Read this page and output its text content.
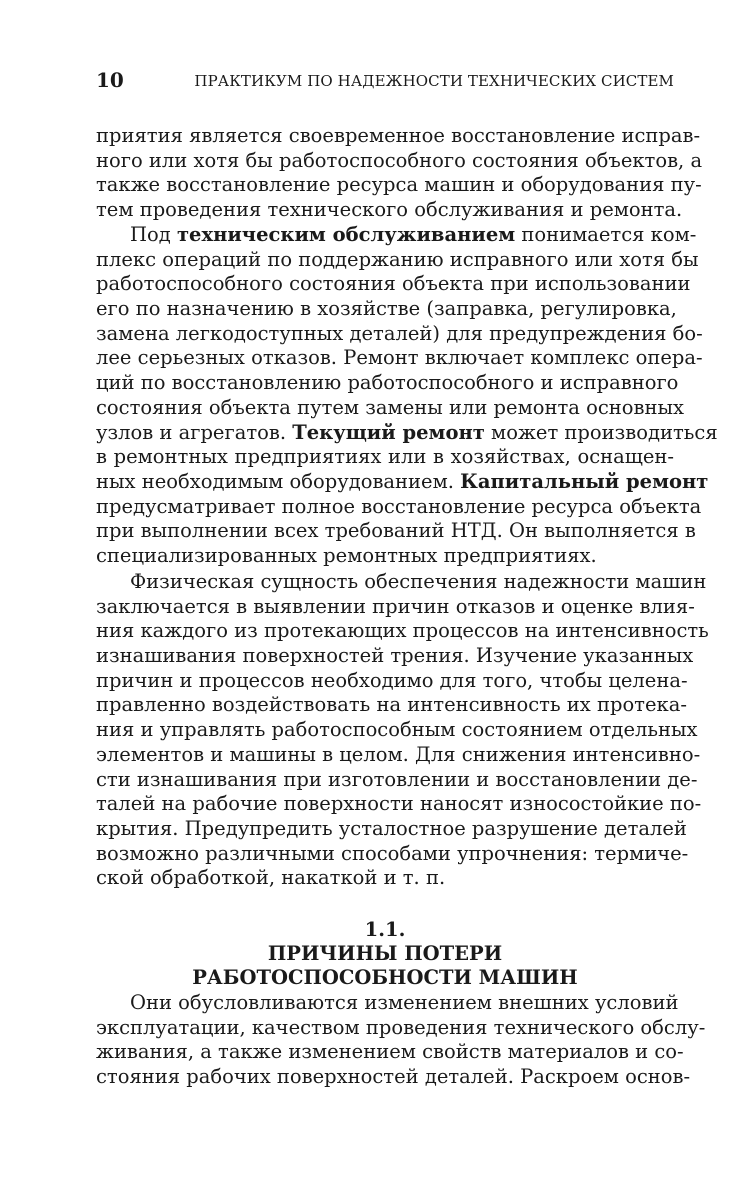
10	ПРАКТИКУМ ПО НАДЕЖНОСТИ ТЕХНИЧЕСКИХ СИСТЕМ
приятия является своевременное восстановление исправ-
ного или хотя бы работоспособного состояния объектов, а
также восстановление ресурса машин и оборудования пу-
тем проведения технического обслуживания и ремонта.
Под техническим обслуживанием понимается ком-
плекс операций по поддержанию исправного или хотя бы
работоспособного состояния объекта при использовании
его по назначению в хозяйстве (заправка, регулировка,
замена легкодоступных деталей) для предупреждения бо-
лее серьезных отказов. Ремонт включает комплекс опера-
ций по восстановлению работоспособного и исправного
состояния объекта путем замены или ремонта основных
узлов и агрегатов. Текущий ремонт может производиться
в ремонтных предприятиях или в хозяйствах, оснащен-
ных необходимым оборудованием. Капитальный ремонт
предусматривает полное восстановление ресурса объекта
при выполнении всех требований НТД. Он выполняется в
специализированных ремонтных предприятиях.
Физическая сущность обеспечения надежности машин
заключается в выявлении причин отказов и оценке влия-
ния каждого из протекающих процессов на интенсивность
изнашивания поверхностей трения. Изучение указанных
причин и процессов необходимо для того, чтобы целена-
правленно воздействовать на интенсивность их протека-
ния и управлять работоспособным состоянием отдельных
элементов и машины в целом. Для снижения интенсивно-
сти изнашивания при изготовлении и восстановлении де-
талей на рабочие поверхности наносят износостойкие по-
крытия. Предупредить усталостное разрушение деталей
возможно различными способами упрочнения: термиче-
ской обработкой, накаткой и т. п.
1.1.
ПРИЧИНЫ ПОТЕРИ
РАБОТОСПОСОБНОСТИ МАШИН
Они обусловливаются изменением внешних условий
эксплуатации, качеством проведения технического обслу-
живания, а также изменением свойств материалов и со-
стояния рабочих поверхностей деталей. Раскроем основ-
